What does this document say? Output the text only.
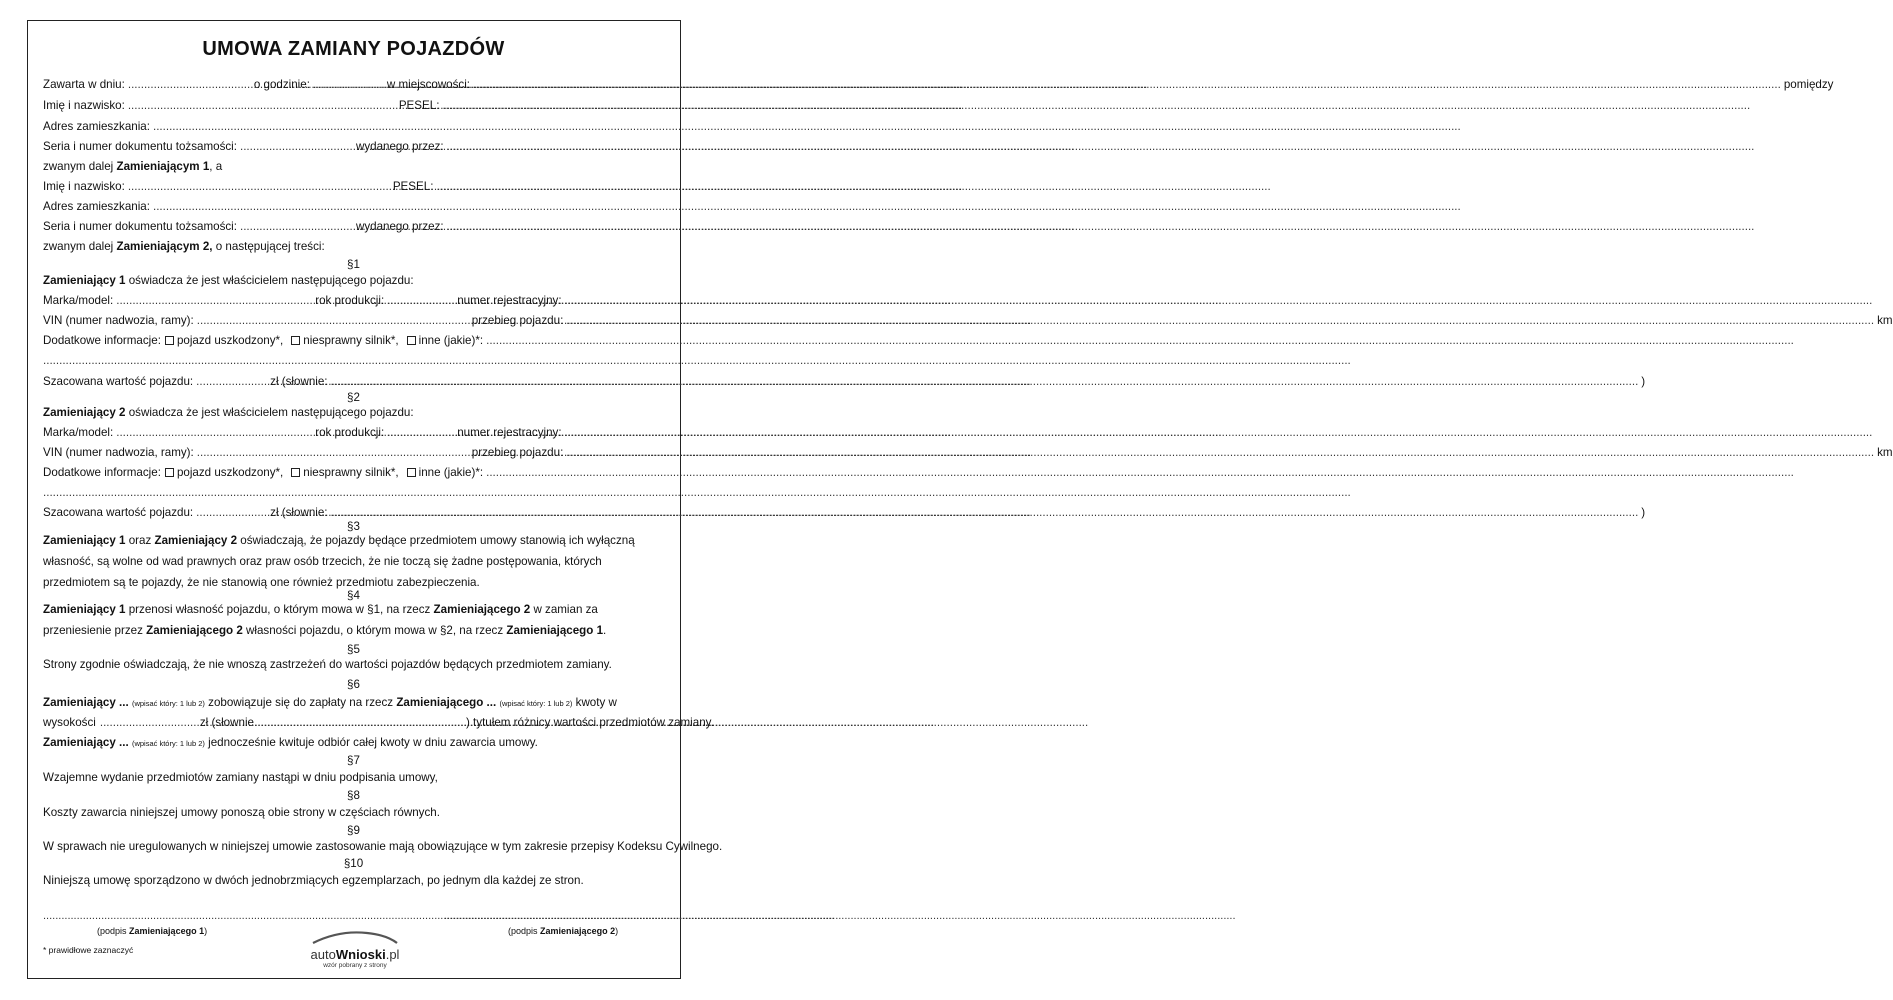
UMOWA ZAMIANY POJAZDÓW
Zawarta w dniu: .....	o godzinie: .....	w miejscowości: .....	pomiędzy
Imię i nazwisko: .....	PESEL:
.....
Adres zamieszkania:
.....
Seria i numer dokumentu tożsamości: .....	wydanego przez:
.....
zwanym dalej Zamieniającym 1, a
Imię i nazwisko: .....	PESEL:
.....
Adres zamieszkania:
.....
Seria i numer dokumentu tożsamości: .....	wydanego przez:
.....
zwanym dalej Zamieniającym 2, o następującej treści:
§1
Zamieniający 1 oświadcza że jest właścicielem następującego pojazdu:
Marka/model: .....	rok produkcji: .....	numer rejestracyjny:
.....
VIN (numer nadwozia, ramy): .....	przebieg pojazdu: .....	km
Dodatkowe informacje:	pojazd uszkodzony*,	niesprawny silnik*,	inne (jakie)*:
.....
.....
Szacowana wartość pojazdu: .....	zł (słownie: .....	)
§2
Zamieniający 2 oświadcza że jest właścicielem następującego pojazdu:
Marka/model: .....	rok produkcji: .....	numer rejestracyjny:
.....
VIN (numer nadwozia, ramy): .....	przebieg pojazdu: .....	km
Dodatkowe informacje:	pojazd uszkodzony*,	niesprawny silnik*,	inne (jakie)*:
.....
.....
Szacowana wartość pojazdu: .....	zł (słownie: .....	)
§3
Zamieniający 1 oraz Zamieniający 2 oświadczają, że pojazdy będące przedmiotem umowy stanowią ich wyłączną własność, są wolne od wad prawnych oraz praw osób trzecich, że nie toczą się żadne postępowania, których przedmiotem są te pojazdy, że nie stanowią one również przedmiotu zabezpieczenia.
§4
Zamieniający 1 przenosi własność pojazdu, o którym mowa w §1, na rzecz Zamieniającego 2 w zamian za przeniesienie przez Zamieniającego 2 własności pojazdu, o którym mowa w §2, na rzecz Zamieniającego 1.
§5
Strony zgodnie oświadczają, że nie wnoszą zastrzeżeń do wartości pojazdów będących przedmiotem zamiany.
§6
Zamieniający ... (wpisać który: 1 lub 2) zobowiązuje się do zapłaty na rzecz Zamieniającego ... (wpisać który: 1 lub 2) kwoty w
wysokości .....	zł (słownie .....	) tytułem różnicy wartości przedmiotów zamiany.
Zamieniający ... (wpisać który: 1 lub 2) jednocześnie kwituje odbiór całej kwoty w dniu zawarcia umowy.
§7
Wzajemne wydanie przedmiotów zamiany nastąpi w dniu podpisania umowy,
§8
Koszty zawarcia niniejszej umowy ponoszą obie strony w częściach równych.
§9
W sprawach nie uregulowanych w niniejszej umowie zastosowanie mają obowiązujące w tym zakresie przepisy Kodeksu Cywilnego.
§10
Niniejszą umowę sporządzono w dwóch jednobrzmiących egzemplarzach, po jednym dla każdej ze stron.
.....
(podpis Zamieniającego 1)
.....	(podpis Zamieniającego 2)
autoWnioski.pl
wzór pobrany z strony
* prawidłowe zaznaczyć
